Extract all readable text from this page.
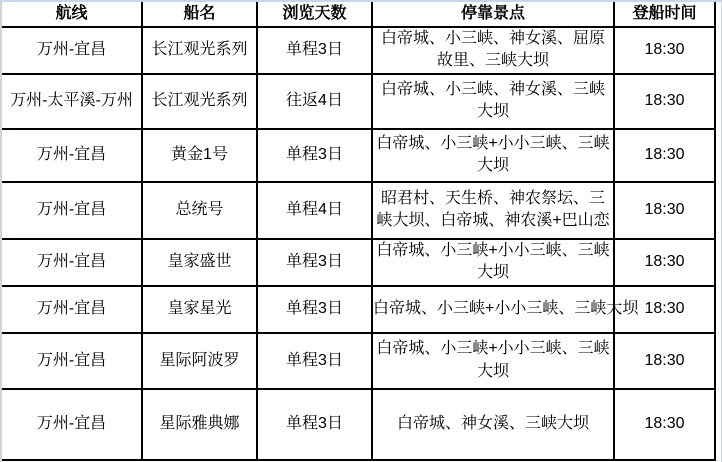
航线	船名	浏览天数	停靠景点	登船时间
万州-宜昌	长江观光系列	单程3日	白帝城、小三峡、神女溪、屈原故里、三峡大坝	18:30
万州-太平溪-万州	长江观光系列	往返4日	白帝城、小三峡、神女溪、三峡大坝	18:30
万州-宜昌	黄金1号	单程3日	白帝城、小三峡+小小三峡、三峡大坝	18:30
万州-宜昌	总统号	单程4日	昭君村、天生桥、神农祭坛、三峡大坝、白帝城、神农溪+巴山恋	18:30
万州-宜昌	皇家盛世	单程3日	白帝城、小三峡+小小三峡、三峡大坝	18:30
万州-宜昌	皇家星光	单程3日	白帝城、小三峡+小小三峡、三峡大坝	18:30
万州-宜昌	星际阿波罗	单程3日	白帝城、小三峡+小小三峡、三峡大坝	18:30
万州-宜昌	星际雅典娜	单程3日	白帝城、神女溪、三峡大坝	18:30
